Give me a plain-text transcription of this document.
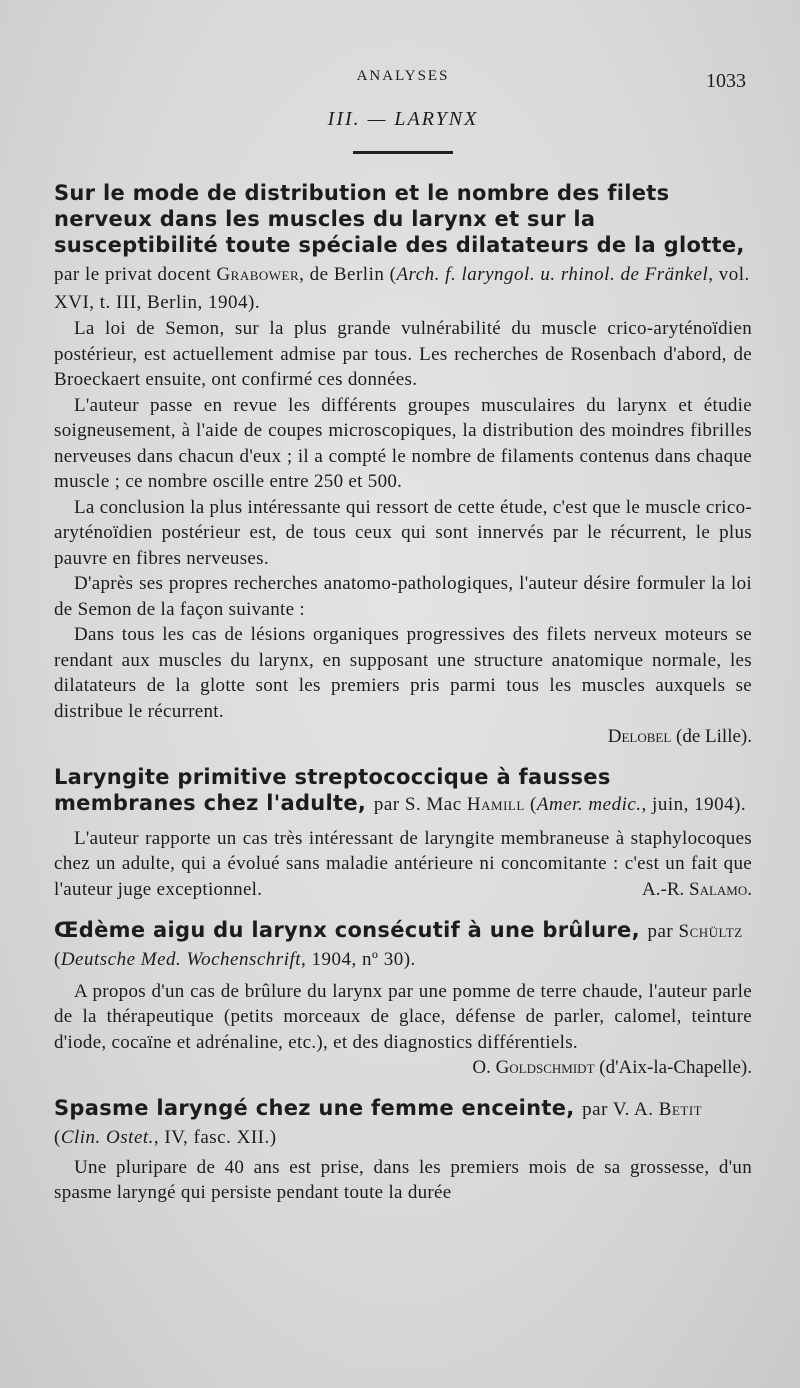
ANALYSES	1033
III. — LARYNX
Sur le mode de distribution et le nombre des filets nerveux dans les muscles du larynx et sur la susceptibilité toute spéciale des dilatateurs de la glotte, par le privat docent Grabower, de Berlin (Arch. f. laryngol. u. rhinol. de Fränkel, vol. XVI, t. III, Berlin, 1904).

La loi de Semon, sur la plus grande vulnérabilité du muscle crico-aryténoïdien postérieur, est actuellement admise par tous. Les recherches de Rosenbach d'abord, de Broeckaert ensuite, ont confirmé ces données.

L'auteur passe en revue les différents groupes musculaires du larynx et étudie soigneusement, à l'aide de coupes microscopiques, la distribution des moindres fibrilles nerveuses dans chacun d'eux ; il a compté le nombre de filaments contenus dans chaque muscle ; ce nombre oscille entre 250 et 500.

La conclusion la plus intéressante qui ressort de cette étude, c'est que le muscle crico-aryténoïdien postérieur est, de tous ceux qui sont innervés par le récurrent, le plus pauvre en fibres nerveuses.

D'après ses propres recherches anatomo-pathologiques, l'auteur désire formuler la loi de Semon de la façon suivante :

Dans tous les cas de lésions organiques progressives des filets nerveux moteurs se rendant aux muscles du larynx, en supposant une structure anatomique normale, les dilatateurs de la glotte sont les premiers pris parmi tous les muscles auxquels se distribue le récurrent.

Delobel (de Lille).
Laryngite primitive streptococcique à fausses membranes chez l'adulte, par S. Mac Hamill (Amer. medic., juin, 1904).

L'auteur rapporte un cas très intéressant de laryngite membraneuse à staphylocoques chez un adulte, qui a évolué sans maladie antérieure ni concomitante : c'est un fait que l'auteur juge exceptionnel.	A.-R. Salamo.
Œdème aigu du larynx consécutif à une brûlure, par Schültz (Deutsche Med. Wochenschrift, 1904, nº 30).

A propos d'un cas de brûlure du larynx par une pomme de terre chaude, l'auteur parle de la thérapeutique (petits morceaux de glace, défense de parler, calomel, teinture d'iode, cocaïne et adrénaline, etc.), et des diagnostics différentiels.

O. Goldschmidt (d'Aix-la-Chapelle).
Spasme laryngé chez une femme enceinte, par V. A. Betit (Clin. Ostet., IV, fasc. XII.)

Une pluripare de 40 ans est prise, dans les premiers mois de sa grossesse, d'un spasme laryngé qui persiste pendant toute la durée
